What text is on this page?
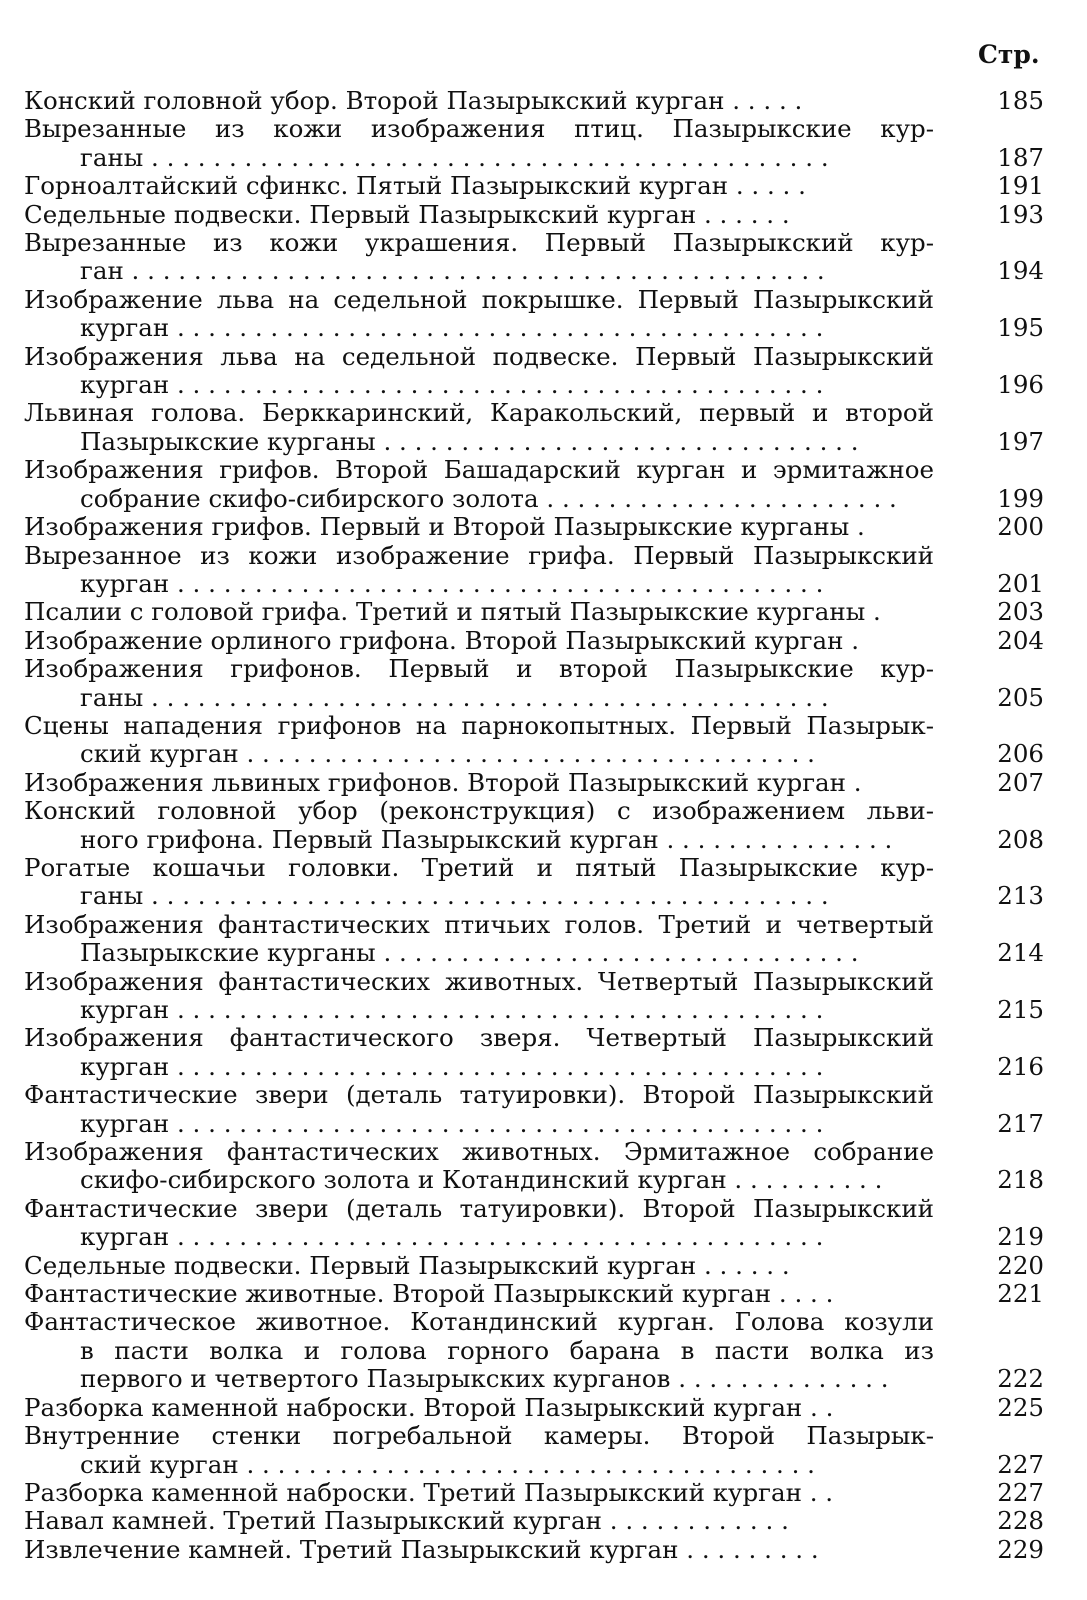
Стр.
Конский головной убор. Второй Пазырыкский курган . . . . .	185
Вырезанные из кожи изображения птиц. Пазырыкские кур-
ганы . . . . . . . . . . . . . . . . . . . . . . . . . . . . . . . . . . . . . . . . . . . .	187
Горноалтайский сфинкс. Пятый Пазырыкский курган . . . . .	191
Седельные подвески. Первый Пазырыкский курган . . . . . .	193
Вырезанные из кожи украшения. Первый Пазырыкский кур-
ган . . . . . . . . . . . . . . . . . . . . . . . . . . . . . . . . . . . . . . . . . . . . .	194
Изображение льва на седельной покрышке. Первый Пазырыкский
курган . . . . . . . . . . . . . . . . . . . . . . . . . . . . . . . . . . . . . . . . . .	195
Изображения льва на седельной подвеске. Первый Пазырыкский
курган . . . . . . . . . . . . . . . . . . . . . . . . . . . . . . . . . . . . . . . . . .	196
Львиная голова. Берккаринский, Каракольский, первый и второй
Пазырыкские курганы . . . . . . . . . . . . . . . . . . . . . . . . . . . . . . .	197
Изображения грифов. Второй Башадарский курган и эрмитажное
собрание скифо-сибирского золота . . . . . . . . . . . . . . . . . . . . . . .	199
Изображения грифов. Первый и Второй Пазырыкские курганы .	200
Вырезанное из кожи изображение грифа. Первый Пазырыкский
курган . . . . . . . . . . . . . . . . . . . . . . . . . . . . . . . . . . . . . . . . . .	201
Псалии с головой грифа. Третий и пятый Пазырыкские курганы .	203
Изображение орлиного грифона. Второй Пазырыкский курган .	204
Изображения грифонов. Первый и второй Пазырыкские кур-
ганы . . . . . . . . . . . . . . . . . . . . . . . . . . . . . . . . . . . . . . . . . . . .	205
Сцены нападения грифонов на парнокопытных. Первый Пазырык-
ский курган . . . . . . . . . . . . . . . . . . . . . . . . . . . . . . . . . . . . .	206
Изображения львиных грифонов. Второй Пазырыкский курган .	207
Конский головной убор (реконструкция) с изображением льви-
ного грифона. Первый Пазырыкский курган . . . . . . . . . . . . . . .	208
Рогатые кошачьи головки. Третий и пятый Пазырыкские кур-
ганы . . . . . . . . . . . . . . . . . . . . . . . . . . . . . . . . . . . . . . . . . . . .	213
Изображения фантастических птичьих голов. Третий и четвертый
Пазырыкские курганы . . . . . . . . . . . . . . . . . . . . . . . . . . . . . . .	214
Изображения фантастических животных. Четвертый Пазырыкский
курган . . . . . . . . . . . . . . . . . . . . . . . . . . . . . . . . . . . . . . . . . .	215
Изображения фантастического зверя. Четвертый Пазырыкский
курган . . . . . . . . . . . . . . . . . . . . . . . . . . . . . . . . . . . . . . . . . .	216
Фантастические звери (деталь татуировки). Второй Пазырыкский
курган . . . . . . . . . . . . . . . . . . . . . . . . . . . . . . . . . . . . . . . . . .	217
Изображения фантастических животных. Эрмитажное собрание
скифо-сибирского золота и Котандинский курган . . . . . . . . . .	218
Фантастические звери (деталь татуировки). Второй Пазырыкский
курган . . . . . . . . . . . . . . . . . . . . . . . . . . . . . . . . . . . . . . . . . .	219
Седельные подвески. Первый Пазырыкский курган . . . . . .	220
Фантастические животные. Второй Пазырыкский курган . . . .	221
Фантастическое животное. Котандинский курган. Голова козули
в пасти волка и голова горного барана в пасти волка из
первого и четвертого Пазырыкских курганов . . . . . . . . . . . . . .	222
Разборка каменной наброски. Второй Пазырыкский курган . .	225
Внутренние стенки погребальной камеры. Второй Пазырык-
ский курган . . . . . . . . . . . . . . . . . . . . . . . . . . . . . . . . . . . . .	227
Разборка каменной наброски. Третий Пазырыкский курган . .	227
Навал камней. Третий Пазырыкский курган . . . . . . . . . . . .	228
Извлечение камней. Третий Пазырыкский курган . . . . . . . . .	229
